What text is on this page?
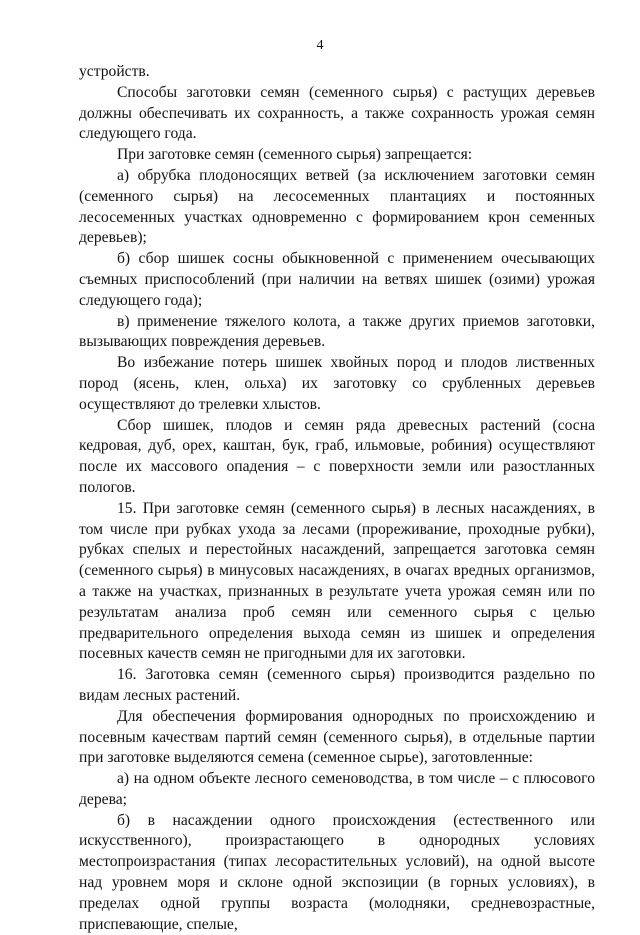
4

устройств.

Способы заготовки семян (семенного сырья) с растущих деревьев должны обеспечивать их сохранность, а также сохранность урожая семян следующего года.

При заготовке семян (семенного сырья) запрещается:

а) обрубка плодоносящих ветвей (за исключением заготовки семян (семенного сырья) на лесосеменных плантациях и постоянных лесосеменных участках одновременно с формированием крон семенных деревьев);

б) сбор шишек сосны обыкновенной с применением очесывающих съемных приспособлений (при наличии на ветвях шишек (озими) урожая следующего года);

в) применение тяжелого колота, а также других приемов заготовки, вызывающих повреждения деревьев.

Во избежание потерь шишек хвойных пород и плодов лиственных пород (ясень, клен, ольха) их заготовку со срубленных деревьев осуществляют до трелевки хлыстов.

Сбор шишек, плодов и семян ряда древесных растений (сосна кедровая, дуб, орех, каштан, бук, граб, ильмовые, робиния) осуществляют после их массового опадения – с поверхности земли или разостланных пологов.

15. При заготовке семян (семенного сырья) в лесных насаждениях, в том числе при рубках ухода за лесами (прореживание, проходные рубки), рубках спелых и перестойных насаждений, запрещается заготовка семян (семенного сырья) в минусовых насаждениях, в очагах вредных организмов, а также на участках, признанных в результате учета урожая семян или по результатам анализа проб семян или семенного сырья с целью предварительного определения выхода семян из шишек и определения посевных качеств семян не пригодными для их заготовки.

16. Заготовка семян (семенного сырья) производится раздельно по видам лесных растений.

Для обеспечения формирования однородных по происхождению и посевным качествам партий семян (семенного сырья), в отдельные партии при заготовке выделяются семена (семенное сырье), заготовленные:

а) на одном объекте лесного семеноводства, в том числе – с плюсового дерева;

б) в насаждении одного происхождения (естественного или искусственного), произрастающего в однородных условиях местопроизрастания (типах лесорастительных условий), на одной высоте над уровнем моря и склоне одной экспозиции (в горных условиях), в пределах одной группы возраста (молодняки, средневозрастные, приспевающие, спелые,
